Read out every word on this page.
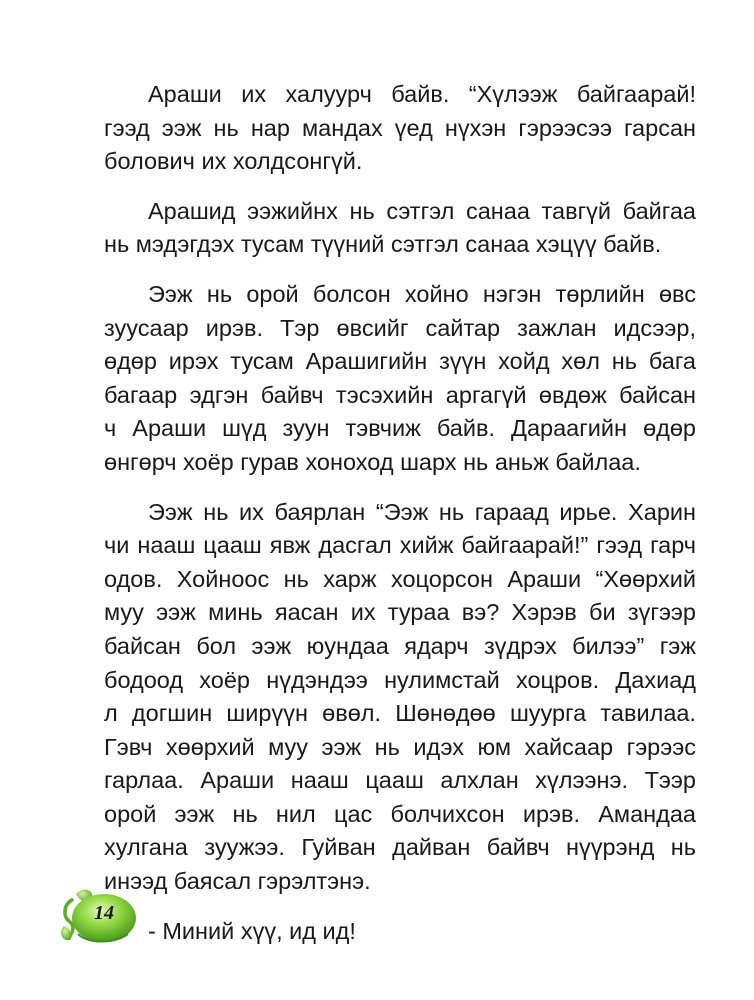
Араши их халуурч байв. “Хүлээж байгаарай!
гээд ээж нь нар мандах үед нүхэн гэрээсээ гарсан
болович их холдсонгүй.

Арашид ээжийнх нь сэтгэл санаа тавгүй байгаа
нь мэдэгдэх тусам түүний сэтгэл санаа хэцүү байв.

Ээж нь орой болсон хойно нэгэн төрлийн өвс
зуусаар ирэв. Тэр өвсийг сайтар зажлан идсээр,
өдөр ирэх тусам Арашигийн зүүн хойд хөл нь бага
багаар эдгэн байвч тэсэхийн аргагүй өвдөж байсан
ч Араши шүд зуун тэвчиж байв. Дараагийн өдөр
өнгөрч хоёр гурав хоноход шарх нь аньж байлаа.

Ээж нь их баярлан “Ээж нь гараад ирье. Харин
чи нааш цааш явж дасгал хийж байгаарай!” гээд гарч
одов. Хойноос нь харж хоцорсон Араши “Хөөрхий
муу ээж минь яасан их тураа вэ? Хэрэв би зүгээр
байсан бол ээж юундаа ядарч зүдрэх билээ” гэж
бодоод хоёр нүдэндээ нулимстай хоцров. Дахиад
л догшин ширүүн өвөл. Шөнөдөө шуурга тавилаа.
Гэвч хөөрхий муу ээж нь идэх юм хайсаар гэрээс
гарлаа. Араши нааш цааш алхлан хүлээнэ. Тээр
орой ээж нь нил цас болчихсон ирэв. Амандаа
хулгана зуужээ. Гуйван дайван байвч нүүрэнд нь
инээд баясал гэрэлтэнэ.

- Миний хүү, ид ид!

14
